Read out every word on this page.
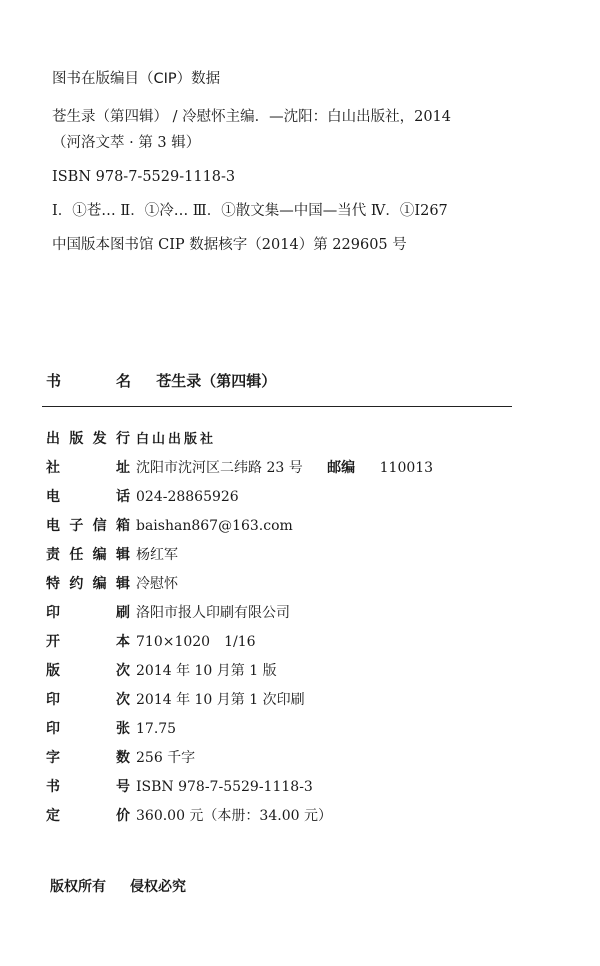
图书在版编目（CIP）数据
苍生录（第四辑） / 冷慰怀主编．—沈阳：白山出版社，2014
（河洛文萃 · 第 3 辑）
ISBN 978-7-5529-1118-3
Ⅰ．①苍… Ⅱ．①冷… Ⅲ．①散文集—中国—当代 Ⅳ．①I267
中国版本图书馆 CIP 数据核字（2014）第 229605 号
书　名 苍生录（第四辑）
出版发行 白山出版社
社　　址 沈阳市沈河区二纬路 23 号 邮编 110013
电　　话 024-28865926
电子信箱 baishan867@163.com
责任编辑 杨红军
特约编辑 冷慰怀
印　　刷 洛阳市报人印刷有限公司
开　　本 710×1020　1/16
版　　次 2014 年 10 月第 1 版
印　　次 2014 年 10 月第 1 次印刷
印　　张 17.75
字　　数 256 千字
书　　号 ISBN 978-7-5529-1118-3
定　　价 360.00 元（本册：34.00 元）
版权所有 侵权必究
